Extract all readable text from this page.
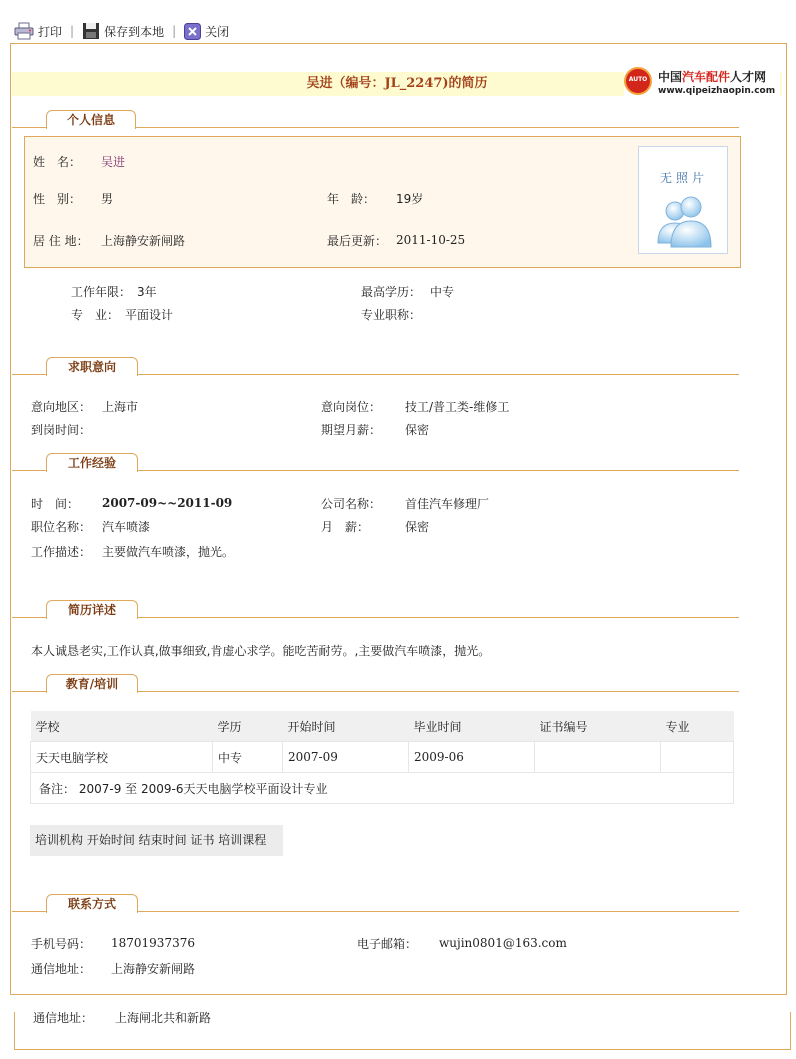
打印 |	保存到本地 | 关闭
吴进（编号：JL_2247)的简历	AUTO 中国汽车配件人才网
www.qipeizhaopin.com
个人信息
姓　名： 吴进
性　别： 男	年　龄： 19岁
居 住 地： 上海静安新闸路	最后更新： 2011-10-25
无照片
工作年限： 3年	最高学历： 中专
专　业： 平面设计	专业职称：
求职意向
意向地区： 上海市	意向岗位： 技工/普工类-维修工
到岗时间：	期望月薪： 保密
工作经验
时　间： 2007-09~~2011-09	公司名称： 首佳汽车修理厂
职位名称： 汽车喷漆	月　薪：	保密
工作描述： 主要做汽车喷漆，抛光。
简历详述
本人诚恳老实,工作认真,做事细致,肯虚心求学。能吃苦耐劳。,主要做汽车喷漆，抛光。
教育/培训
学校	学历	开始时间	毕业时间	证书编号	专业
天天电脑学校	中专	2007-09	2009-06		
备注： 2007-9 至 2009-6天天电脑学校平面设计专业					
培训机构 开始时间 结束时间 证书 培训课程
联系方式
手机号码： 18701937376	电子邮箱： wujin0801@163.com
通信地址： 上海静安新闸路
通信地址： 上海闸北共和新路
